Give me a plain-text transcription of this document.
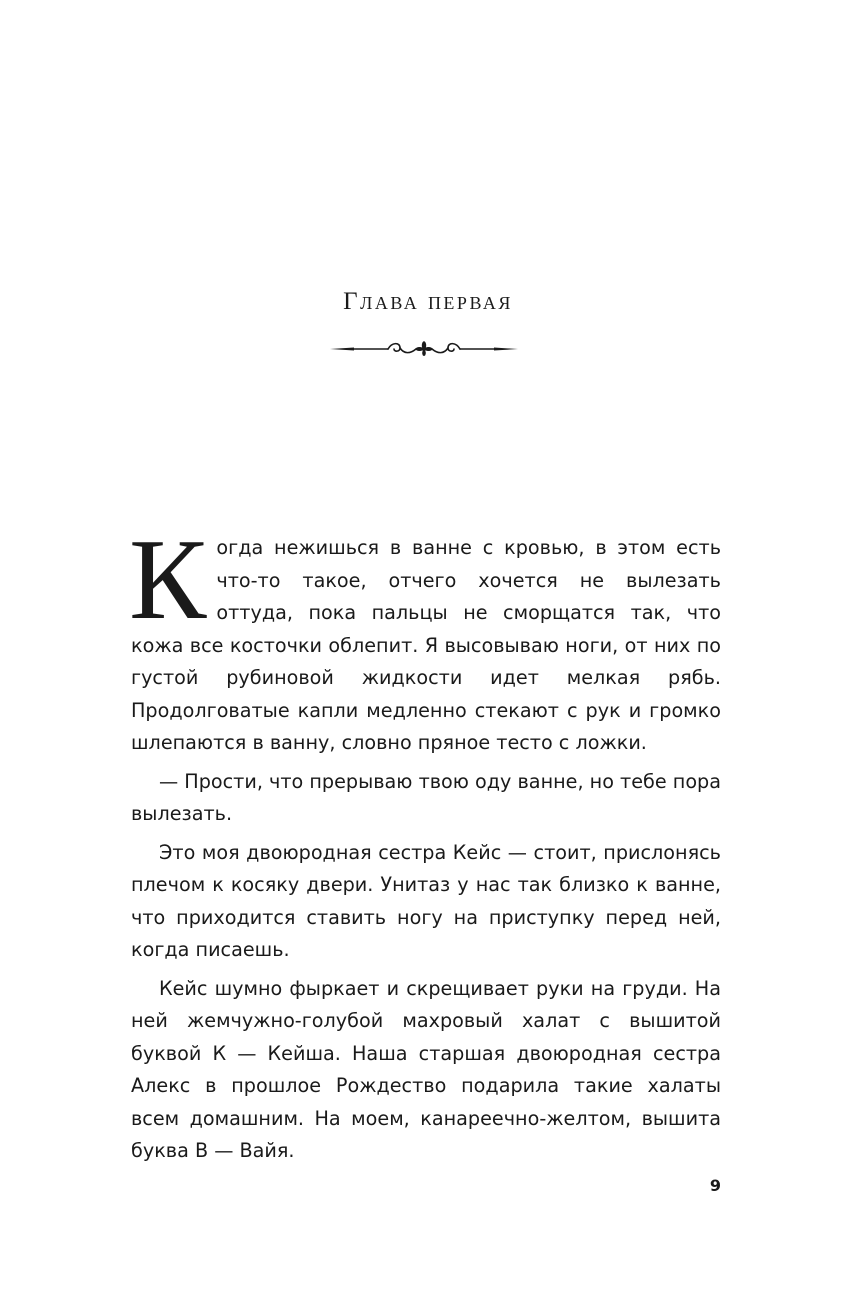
Глава первая

Когда нежишься в ванне с кровью, в этом есть что-то такое, отчего хочется не вылезать оттуда, пока пальцы не сморщатся так, что кожа все косточки облепит. Я высовываю ноги, от них по густой рубиновой жидкости идет мелкая рябь. Продолговатые капли медленно стекают с рук и громко шлепаются в ванну, словно пряное тесто с ложки.

— Прости, что прерываю твою оду ванне, но тебе пора вылезать.

Это моя двоюродная сестра Кейс — стоит, прислонясь плечом к косяку двери. Унитаз у нас так близко к ванне, что приходится ставить ногу на приступку перед ней, когда писаешь.

Кейс шумно фыркает и скрещивает руки на груди. На ней жемчужно-голубой махровый халат с вышитой буквой К — Кейша. Наша старшая двоюродная сестра Алекс в прошлое Рождество подарила такие халаты всем домашним. На моем, канареечно-желтом, вышита буква В — Вайя.

9
